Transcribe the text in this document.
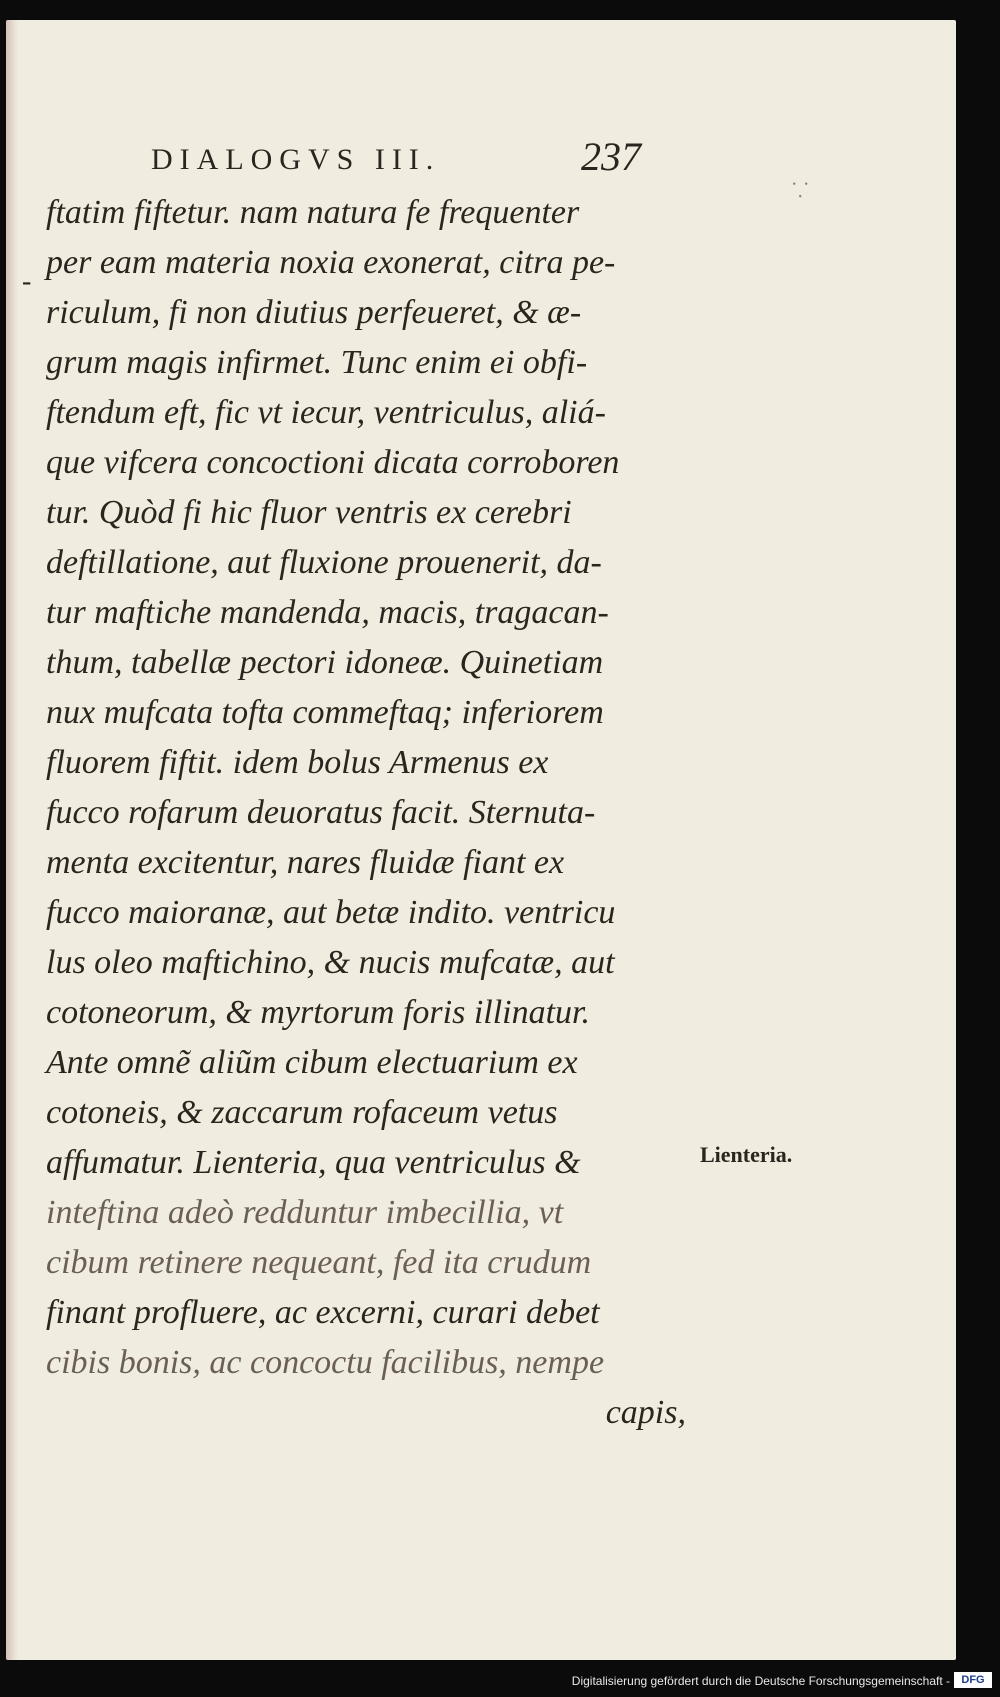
DIALOGVS III.	237
-
⸪
ftatim fiftetur. nam natura fe frequenter
per eam materia noxia exonerat, citra pe-
riculum, fi non diutius perfeueret, & æ-
grum magis infirmet. Tunc enim ei obfi-
ftendum eft, fic vt iecur, ventriculus, aliá-
que vifcera concoctioni dicata corroboren
tur. Quòd fi hic fluor ventris ex cerebri
deftillatione, aut fluxione prouenerit, da-
tur maftiche mandenda, macis, tragacan-
thum, tabellæ pectori idoneæ. Quinetiam
nux mufcata tofta commeftaq; inferiorem
fluorem fiftit. idem bolus Armenus ex
fucco rofarum deuoratus facit. Sternuta-
menta excitentur, nares fluidæ fiant ex
fucco maioranæ, aut betæ indito. ventricu
lus oleo maftichino, & nucis mufcatæ, aut
cotoneorum, & myrtorum foris illinatur.
Ante omnẽ aliũm cibum electuarium ex
cotoneis, & zaccarum rofaceum vetus
affumatur. Lienteria, qua ventriculus &
inteftina adeò redduntur imbecillia, vt
cibum retinere nequeant, fed ita crudum
finant profluere, ac excerni, curari debet
cibis bonis, ac concoctu facilibus, nempe
capis,
Lienteria.
Digitalisierung gefördert durch die Deutsche Forschungsgemeinschaft -	DFG
